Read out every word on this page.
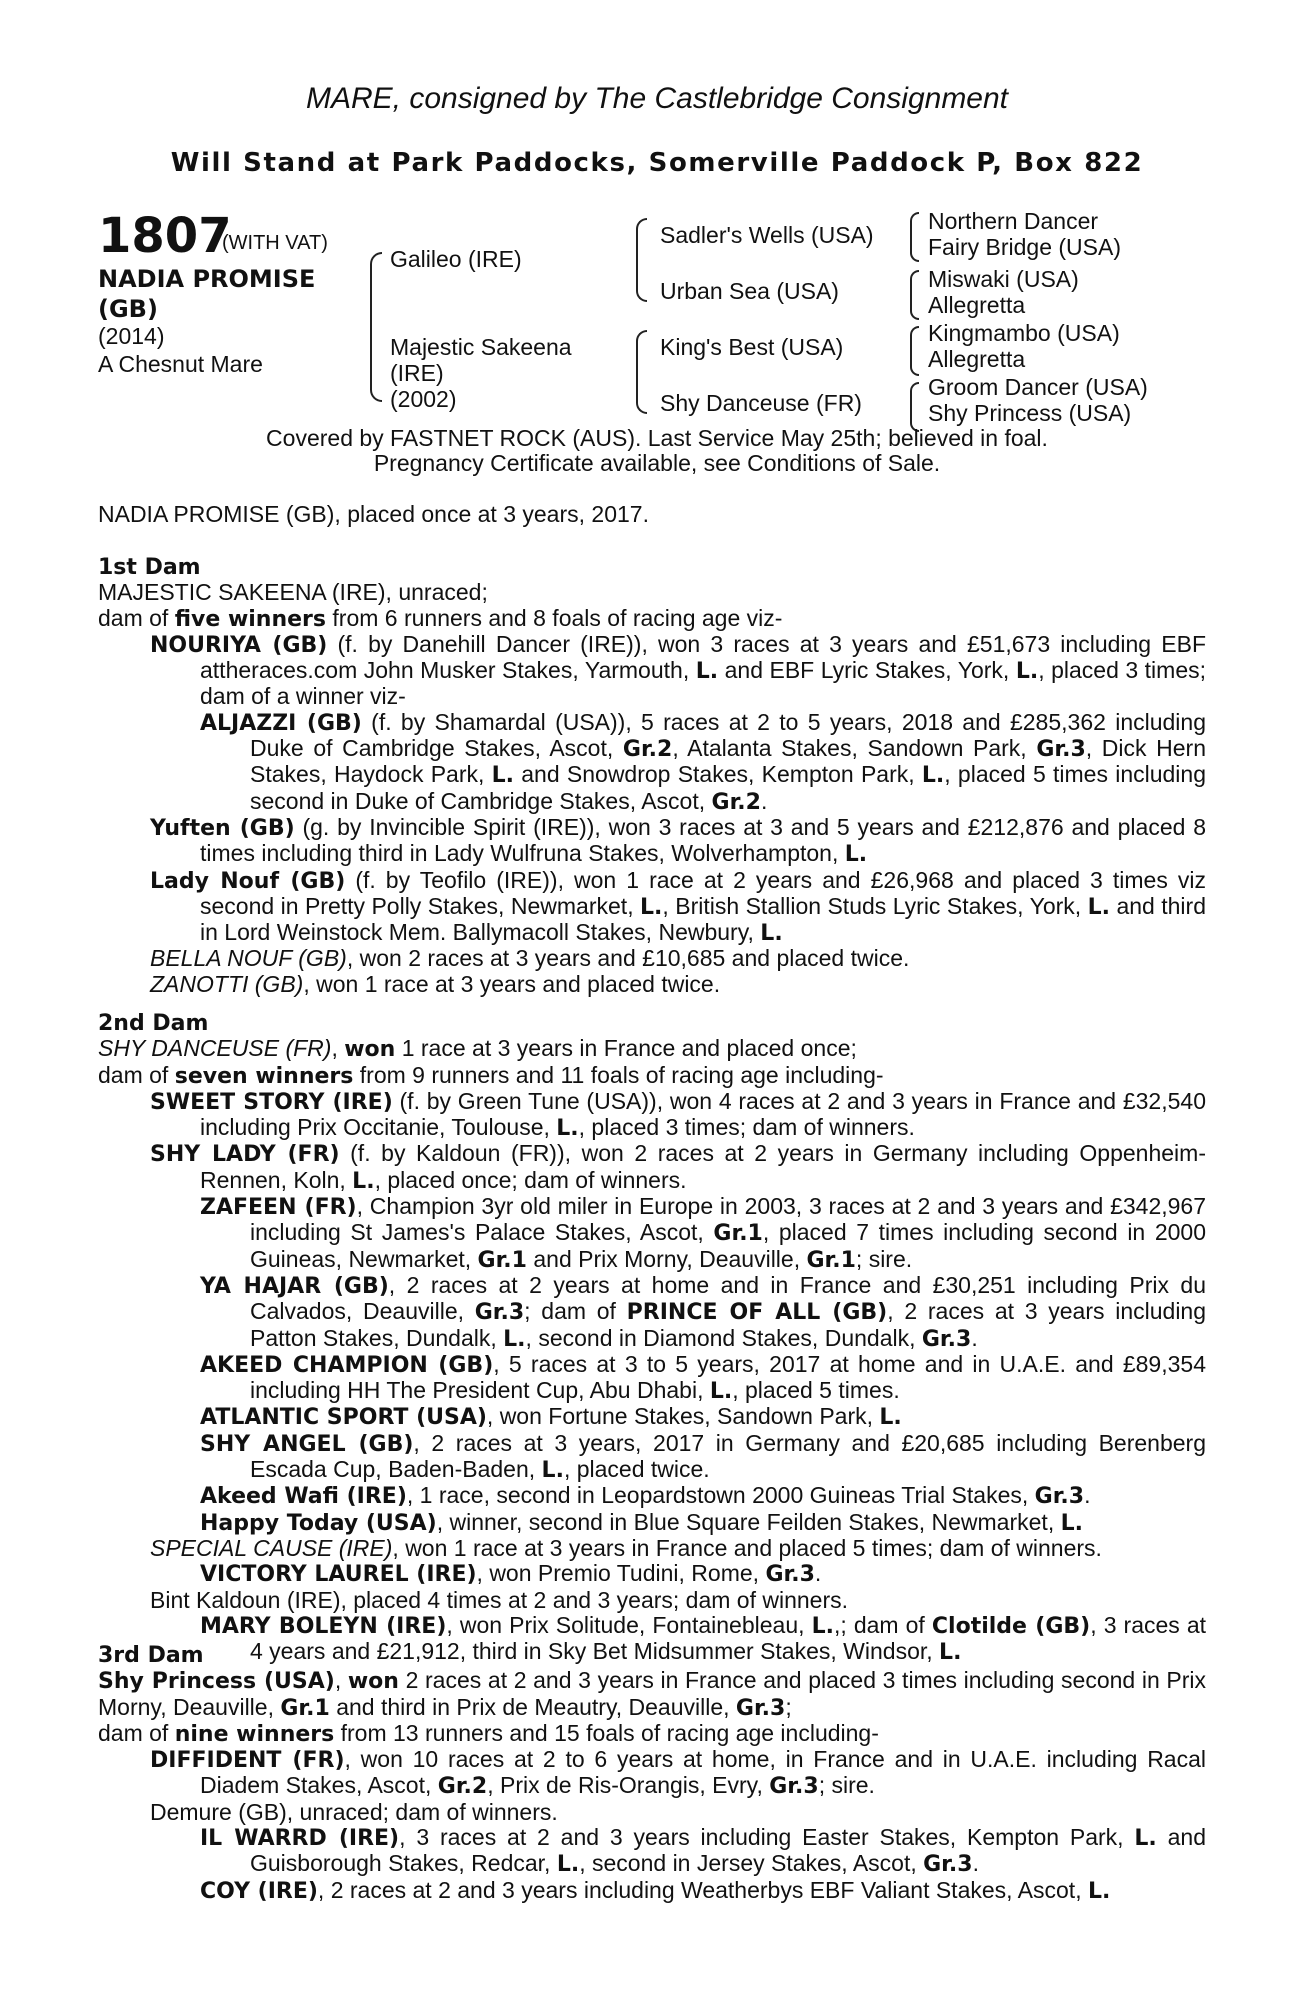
MARE, consigned by The Castlebridge Consignment
Will Stand at Park Paddocks, Somerville Paddock P, Box 822
1807
(WITH VAT)
NADIA PROMISE
(GB)
(2014)
A Chesnut Mare
Galileo (IRE)
Majestic Sakeena
(IRE)
(2002)
Sadler's Wells (USA)
Urban Sea (USA)
King's Best (USA)
Shy Danceuse (FR)
Northern Dancer
Fairy Bridge (USA)
Miswaki (USA)
Allegretta
Kingmambo (USA)
Allegretta
Groom Dancer (USA)
Shy Princess (USA)
Covered by FASTNET ROCK (AUS). Last Service May 25th; believed in foal.
Pregnancy Certificate available, see Conditions of Sale.

NADIA PROMISE (GB), placed once at 3 years, 2017.

1st Dam

MAJESTIC SAKEENA (IRE), unraced;

dam of five winners from 6 runners and 8 foals of racing age viz-

NOURIYA (GB) (f. by Danehill Dancer (IRE)), won 3 races at 3 years and £51,673 including EBF attheraces.com John Musker Stakes, Yarmouth, L. and EBF Lyric Stakes, York, L., placed 3 times; dam of a winner viz-

ALJAZZI (GB) (f. by Shamardal (USA)), 5 races at 2 to 5 years, 2018 and £285,362 including Duke of Cambridge Stakes, Ascot, Gr.2, Atalanta Stakes, Sandown Park, Gr.3, Dick Hern Stakes, Haydock Park, L. and Snowdrop Stakes, Kempton Park, L., placed 5 times including second in Duke of Cambridge Stakes, Ascot, Gr.2.

Yuften (GB) (g. by Invincible Spirit (IRE)), won 3 races at 3 and 5 years and £212,876 and placed 8 times including third in Lady Wulfruna Stakes, Wolverhampton, L.

Lady Nouf (GB) (f. by Teofilo (IRE)), won 1 race at 2 years and £26,968 and placed 3 times viz second in Pretty Polly Stakes, Newmarket, L., British Stallion Studs Lyric Stakes, York, L. and third in Lord Weinstock Mem. Ballymacoll Stakes, Newbury, L.

BELLA NOUF (GB), won 2 races at 3 years and £10,685 and placed twice.

ZANOTTI (GB), won 1 race at 3 years and placed twice.

2nd Dam

SHY DANCEUSE (FR), won 1 race at 3 years in France and placed once;

dam of seven winners from 9 runners and 11 foals of racing age including-

SWEET STORY (IRE) (f. by Green Tune (USA)), won 4 races at 2 and 3 years in France and £32,540 including Prix Occitanie, Toulouse, L., placed 3 times; dam of winners.

SHY LADY (FR) (f. by Kaldoun (FR)), won 2 races at 2 years in Germany including Oppenheim-Rennen, Koln, L., placed once; dam of winners.

ZAFEEN (FR), Champion 3yr old miler in Europe in 2003, 3 races at 2 and 3 years and £342,967 including St James's Palace Stakes, Ascot, Gr.1, placed 7 times including second in 2000 Guineas, Newmarket, Gr.1 and Prix Morny, Deauville, Gr.1; sire.

YA HAJAR (GB), 2 races at 2 years at home and in France and £30,251 including Prix du Calvados, Deauville, Gr.3; dam of PRINCE OF ALL (GB), 2 races at 3 years including Patton Stakes, Dundalk, L., second in Diamond Stakes, Dundalk, Gr.3.

AKEED CHAMPION (GB), 5 races at 3 to 5 years, 2017 at home and in U.A.E. and £89,354 including HH The President Cup, Abu Dhabi, L., placed 5 times.

ATLANTIC SPORT (USA), won Fortune Stakes, Sandown Park, L.

SHY ANGEL (GB), 2 races at 3 years, 2017 in Germany and £20,685 including Berenberg Escada Cup, Baden-Baden, L., placed twice.

Akeed Wafi (IRE), 1 race, second in Leopardstown 2000 Guineas Trial Stakes, Gr.3.

Happy Today (USA), winner, second in Blue Square Feilden Stakes, Newmarket, L.

SPECIAL CAUSE (IRE), won 1 race at 3 years in France and placed 5 times; dam of winners.

VICTORY LAUREL (IRE), won Premio Tudini, Rome, Gr.3.

Bint Kaldoun (IRE), placed 4 times at 2 and 3 years; dam of winners.

MARY BOLEYN (IRE), won Prix Solitude, Fontainebleau, L.,; dam of Clotilde (GB), 3 races at 4 years and £21,912, third in Sky Bet Midsummer Stakes, Windsor, L.

3rd Dam

Shy Princess (USA), won 2 races at 2 and 3 years in France and placed 3 times including second in Prix Morny, Deauville, Gr.1 and third in Prix de Meautry, Deauville, Gr.3;

dam of nine winners from 13 runners and 15 foals of racing age including-

DIFFIDENT (FR), won 10 races at 2 to 6 years at home, in France and in U.A.E. including Racal Diadem Stakes, Ascot, Gr.2, Prix de Ris-Orangis, Evry, Gr.3; sire.

Demure (GB), unraced; dam of winners.

IL WARRD (IRE), 3 races at 2 and 3 years including Easter Stakes, Kempton Park, L. and Guisborough Stakes, Redcar, L., second in Jersey Stakes, Ascot, Gr.3.

COY (IRE), 2 races at 2 and 3 years including Weatherbys EBF Valiant Stakes, Ascot, L.
